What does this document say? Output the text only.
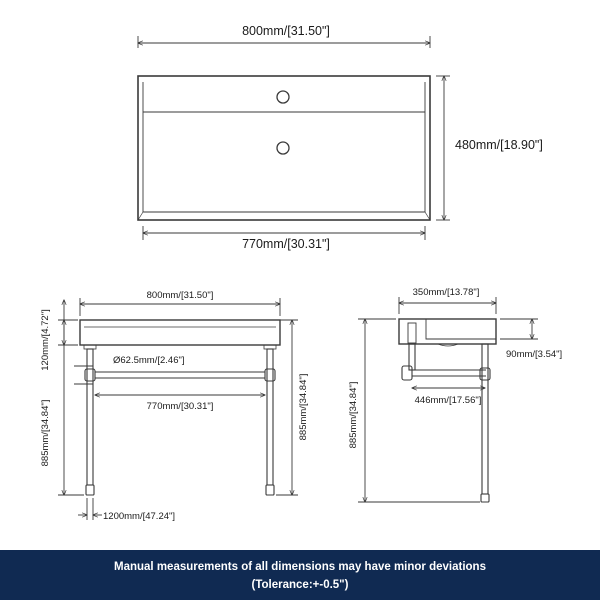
800mm/[31.50"]
480mm/[18.90"]
770mm/[30.31"]
800mm/[31.50"]
120mm/[4.72"]
885mm/[34.84"]
Ø62.5mm/[2.46"]
770mm/[30.31"]	885mm/[34.84"]
1200mm/[47.24"]
350mm/[13.78"]
90mm/[3.54"]
885mm/[34.84"]	446mm/[17.56"]
Manual measurements of all dimensions may have minor deviations
(Tolerance:+-0.5")
